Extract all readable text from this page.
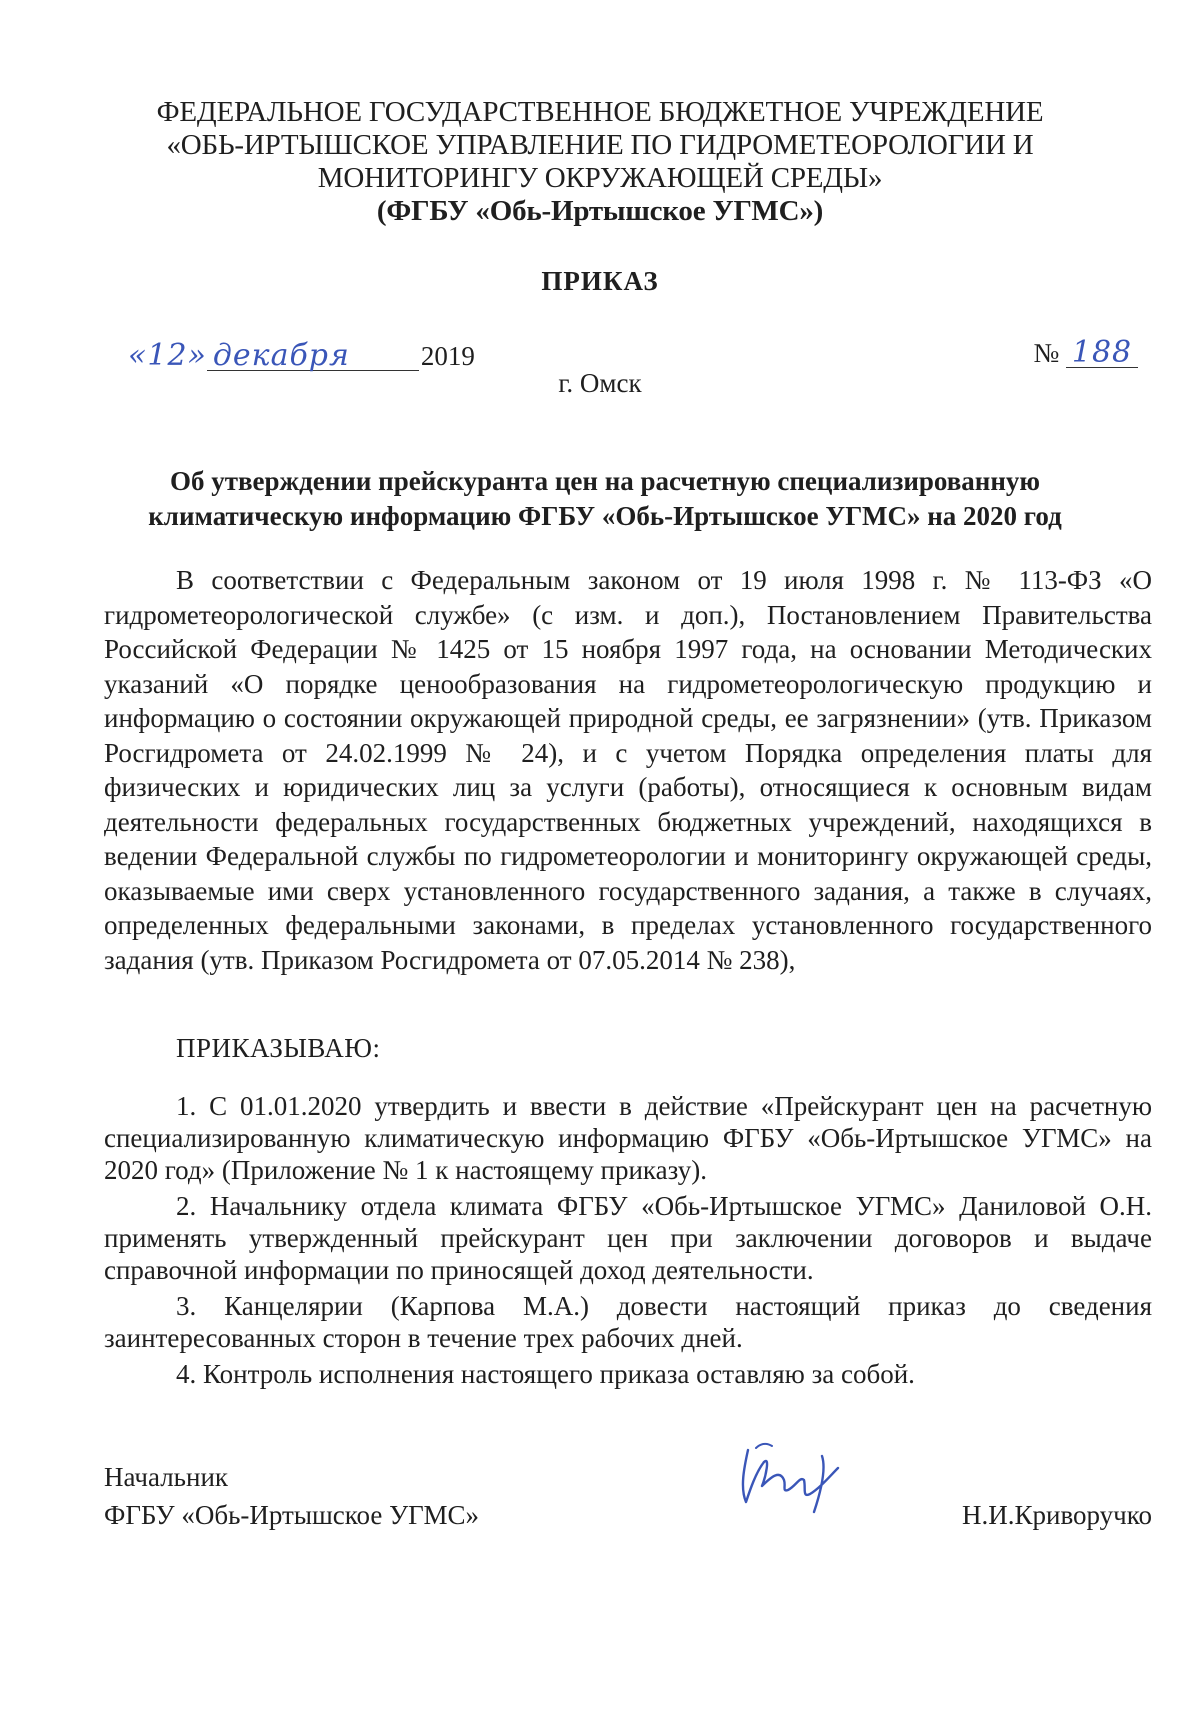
ФЕДЕРАЛЬНОЕ ГОСУДАРСТВЕННОЕ БЮДЖЕТНОЕ УЧРЕЖДЕНИЕ
«ОБЬ-ИРТЫШСКОЕ УПРАВЛЕНИЕ ПО ГИДРОМЕТЕОРОЛОГИИ И
МОНИТОРИНГУ ОКРУЖАЮЩЕЙ СРЕДЫ»
(ФГБУ «Обь-Иртышское УГМС»)
ПРИКАЗ
«12» декабря	2019	№ 188
г. Омск
Об утверждении прейскуранта цен на расчетную специализированную
климатическую информацию ФГБУ «Обь-Иртышское УГМС» на 2020 год

В соответствии с Федеральным законом от 19 июля 1998 г. № 113-ФЗ «О гидрометеорологической службе» (с изм. и доп.), Постановлением Правительства Российской Федерации № 1425 от 15 ноября 1997 года, на основании Методических указаний «О порядке ценообразования на гидрометеорологическую продукцию и информацию о состоянии окружающей природной среды, ее загрязнении» (утв. Приказом Росгидромета от 24.02.1999 № 24), и с учетом Порядка определения платы для физических и юридических лиц за услуги (работы), относящиеся к основным видам деятельности федеральных государственных бюджетных учреждений, находящихся в ведении Федеральной службы по гидрометеорологии и мониторингу окружающей среды, оказываемые ими сверх установленного государственного задания, а также в случаях, определенных федеральными законами, в пределах установленного государственного задания (утв. Приказом Росгидромета от 07.05.2014 № 238),

ПРИКАЗЫВАЮ:

1. С 01.01.2020 утвердить и ввести в действие «Прейскурант цен на расчетную специализированную климатическую информацию ФГБУ «Обь-Иртышское УГМС» на 2020 год» (Приложение № 1 к настоящему приказу).

2. Начальнику отдела климата ФГБУ «Обь-Иртышское УГМС» Даниловой О.Н. применять утвержденный прейскурант цен при заключении договоров и выдаче справочной информации по приносящей доход деятельности.

3. Канцелярии (Карпова М.А.) довести настоящий приказ до сведения заинтересованных сторон в течение трех рабочих дней.

4. Контроль исполнения настоящего приказа оставляю за собой.

Начальник
ФГБУ «Обь-Иртышское УГМС»	Н.И.Криворучко
